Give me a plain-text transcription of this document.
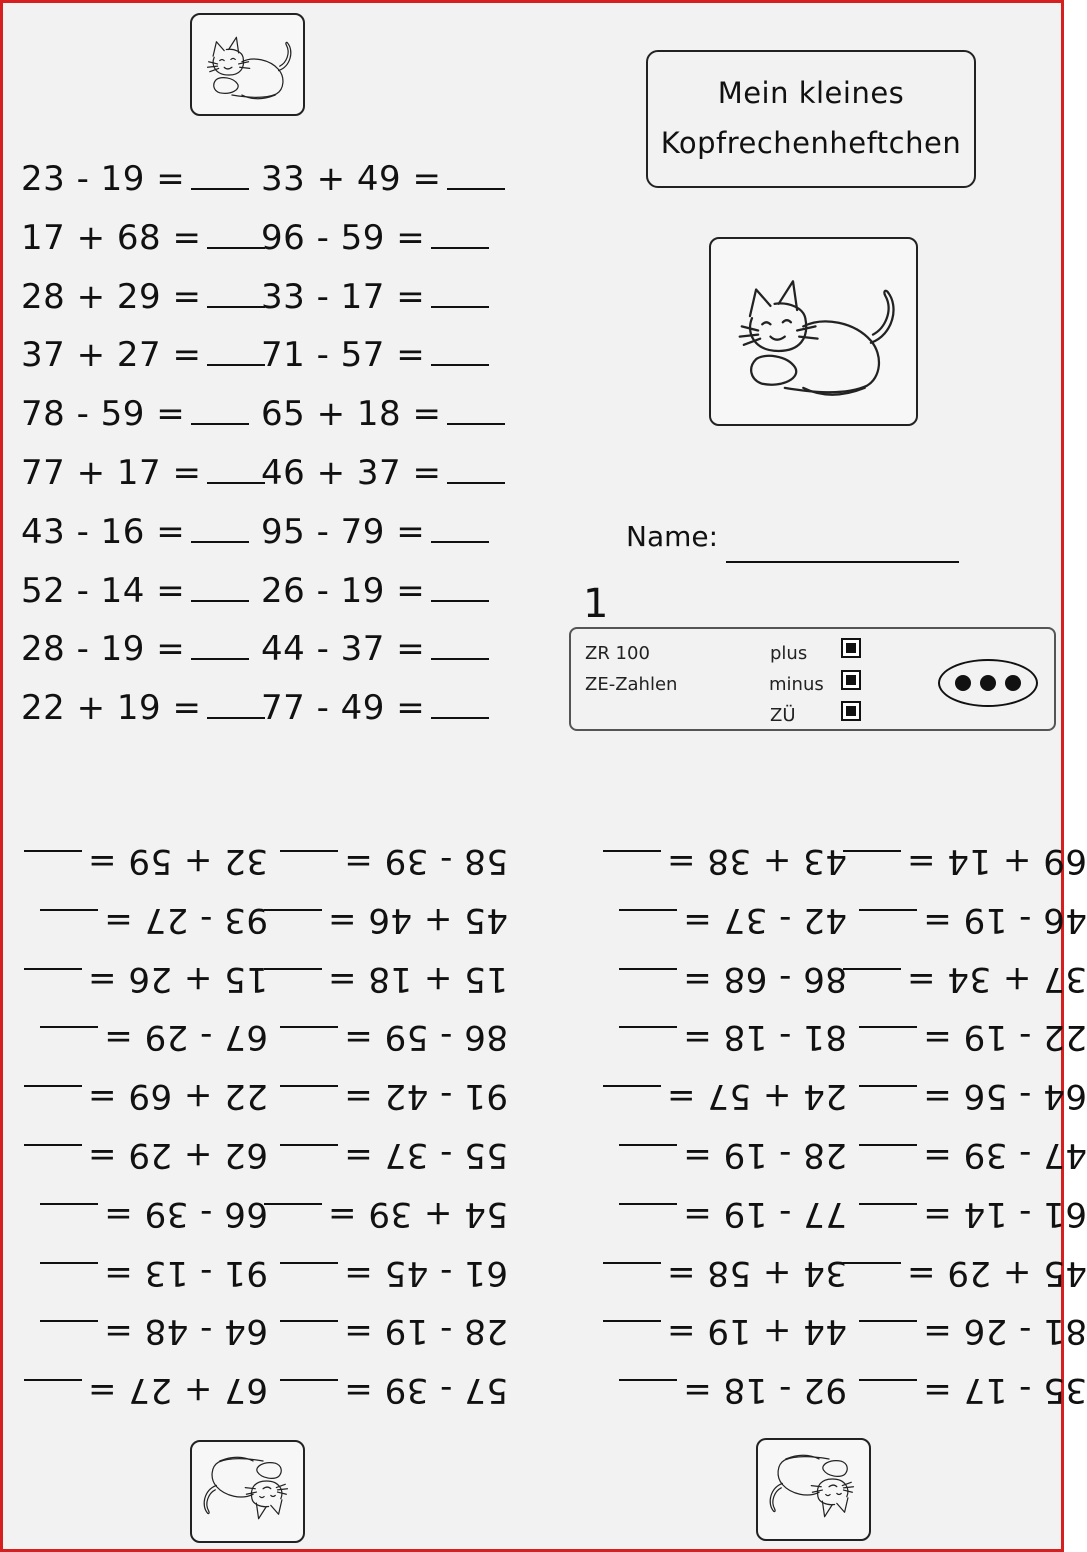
Mein kleines
Kopfrechenheftchen
Name:
1
ZR 100
ZE-Zahlen
plus
minus
ZÜ
23 - 19 =
17 + 68 =
28 + 29 =
37 + 27 =
78 - 59 =
77 + 17 =
43 - 16 =
52 - 14 =
28 - 19 =
22 + 19 =
33 + 49 =
96 - 59 =
33 - 17 =
71 - 57 =
65 + 18 =
46 + 37 =
95 - 79 =
26 - 19 =
44 - 37 =
77 - 49 =
32 + 59 =
93 - 27 =
15 + 26 =
67 - 29 =
22 + 69 =
62 + 29 =
66 - 39 =
91 - 13 =
64 - 48 =
67 + 27 =
58 - 39 =
45 + 46 =
15 + 18 =
86 - 59 =
91 - 42 =
55 - 37 =
54 + 39 =
61 - 45 =
28 - 19 =
57 - 39 =
43 + 38 =
42 - 37 =
86 - 68 =
81 - 18 =
24 + 57 =
28 - 19 =
77 - 19 =
34 + 58 =
44 + 19 =
92 - 18 =
69 + 14 =
46 - 19 =
37 + 34 =
22 - 19 =
64 - 56 =
47 - 39 =
61 - 14 =
45 + 29 =
81 - 26 =
35 - 17 =
